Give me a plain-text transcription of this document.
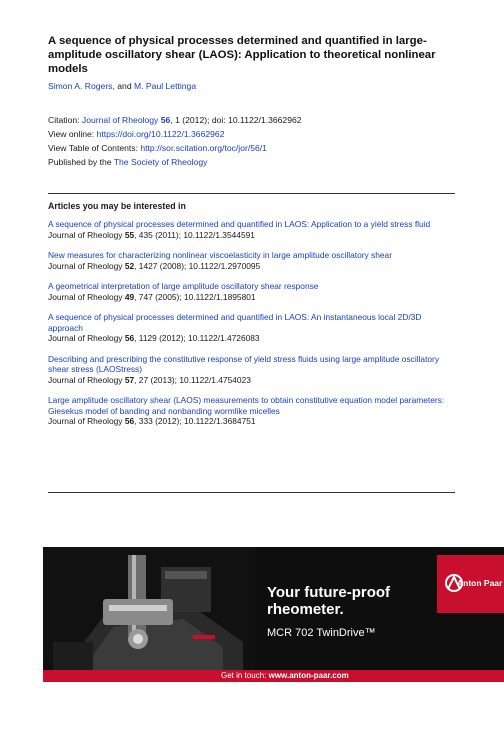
A sequence of physical processes determined and quantified in large-amplitude oscillatory shear (LAOS): Application to theoretical nonlinear models
Simon A. Rogers, and M. Paul Lettinga
Citation: Journal of Rheology 56, 1 (2012); doi: 10.1122/1.3662962
View online: https://doi.org/10.1122/1.3662962
View Table of Contents: http://sor.scitation.org/toc/jor/56/1
Published by the The Society of Rheology
Articles you may be interested in
A sequence of physical processes determined and quantified in LAOS: Application to a yield stress fluid
Journal of Rheology 55, 435 (2011); 10.1122/1.3544591
New measures for characterizing nonlinear viscoelasticity in large amplitude oscillatory shear
Journal of Rheology 52, 1427 (2008); 10.1122/1.2970095
A geometrical interpretation of large amplitude oscillatory shear response
Journal of Rheology 49, 747 (2005); 10.1122/1.1895801
A sequence of physical processes determined and quantified in LAOS: An instantaneous local 2D/3D approach
Journal of Rheology 56, 1129 (2012); 10.1122/1.4726083
Describing and prescribing the constitutive response of yield stress fluids using large amplitude oscillatory shear stress (LAOStress)
Journal of Rheology 57, 27 (2013); 10.1122/1.4754023
Large amplitude oscillatory shear (LAOS) measurements to obtain constitutive equation model parameters: Giesekus model of banding and nonbanding wormlike micelles
Journal of Rheology 56, 333 (2012); 10.1122/1.3684751
Your future-proof rheometer.
MCR 702 TwinDrive™
Anton Paar
Get in touch: www.anton-paar.com
